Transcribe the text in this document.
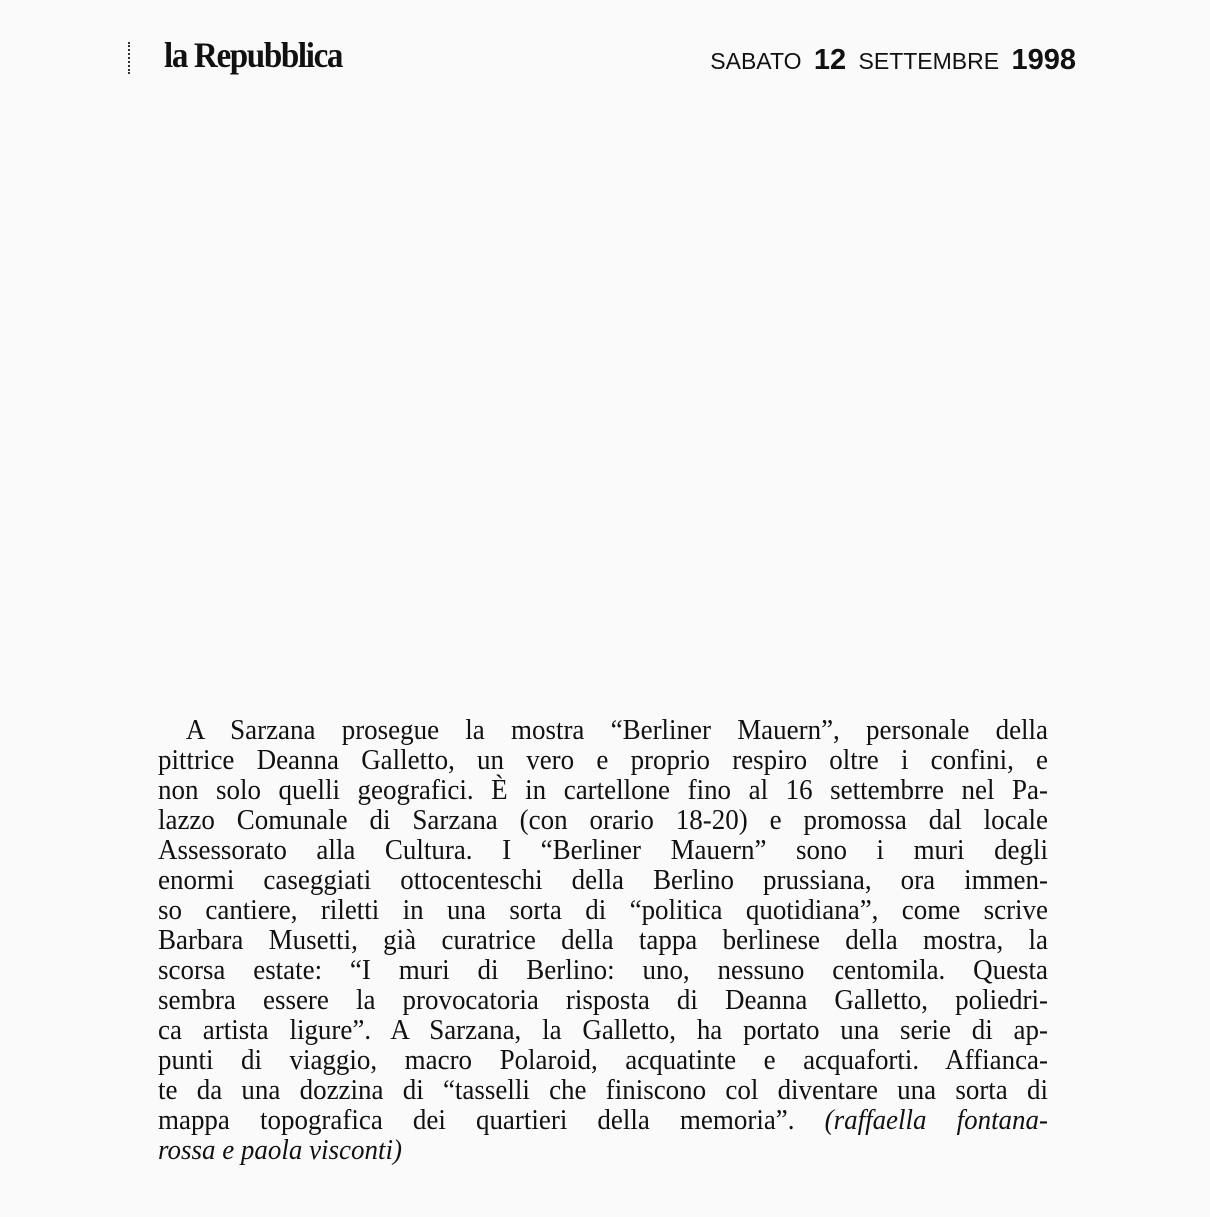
la Repubblica	SABATO 12 SETTEMBRE 1998
A Sarzana prosegue la mostra “Berliner Mauern”, personale della
pittrice Deanna Galletto, un vero e proprio respiro oltre i confini, e
non solo quelli geografici. È in cartellone fino al 16 settembrre nel Pa-
lazzo Comunale di Sarzana (con orario 18-20) e promossa dal locale
Assessorato alla Cultura. I “Berliner Mauern” sono i muri degli
enormi caseggiati ottocenteschi della Berlino prussiana, ora immen-
so cantiere, riletti in una sorta di “politica quotidiana”, come scrive
Barbara Musetti, già curatrice della tappa berlinese della mostra, la
scorsa estate: “I muri di Berlino: uno, nessuno centomila. Questa
sembra essere la provocatoria risposta di Deanna Galletto, poliedri-
ca artista ligure”. A Sarzana, la Galletto, ha portato una serie di ap-
punti di viaggio, macro Polaroid, acquatinte e acquaforti. Affianca-
te da una dozzina di “tasselli che finiscono col diventare una sorta di
mappa topografica dei quartieri della memoria”. (raffaella fontana-
rossa e paola visconti)
